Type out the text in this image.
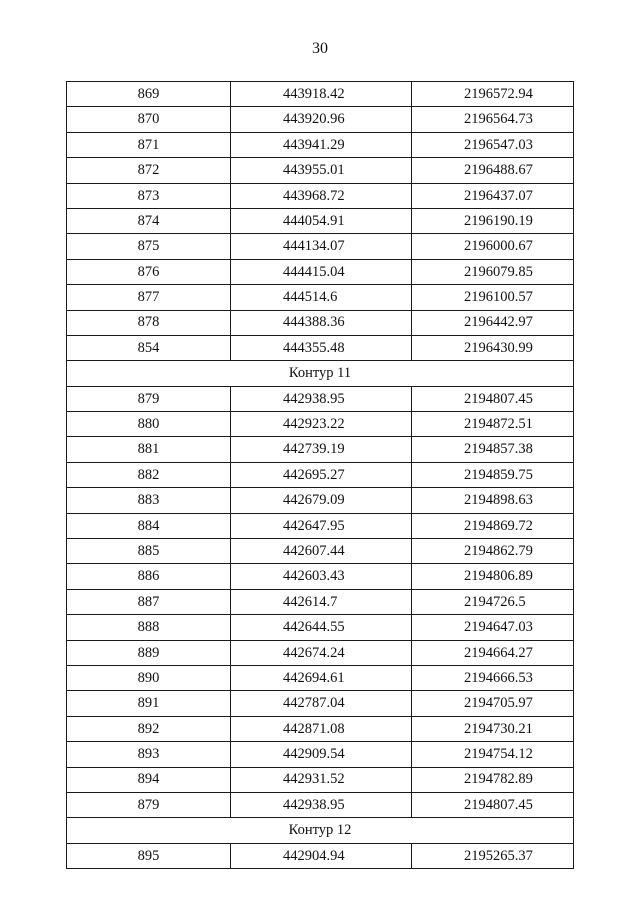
30
869	443918.42	2196572.94
870	443920.96	2196564.73
871	443941.29	2196547.03
872	443955.01	2196488.67
873	443968.72	2196437.07
874	444054.91	2196190.19
875	444134.07	2196000.67
876	444415.04	2196079.85
877	444514.6	2196100.57
878	444388.36	2196442.97
854	444355.48	2196430.99
Контур 11		
879	442938.95	2194807.45
880	442923.22	2194872.51
881	442739.19	2194857.38
882	442695.27	2194859.75
883	442679.09	2194898.63
884	442647.95	2194869.72
885	442607.44	2194862.79
886	442603.43	2194806.89
887	442614.7	2194726.5
888	442644.55	2194647.03
889	442674.24	2194664.27
890	442694.61	2194666.53
891	442787.04	2194705.97
892	442871.08	2194730.21
893	442909.54	2194754.12
894	442931.52	2194782.89
879	442938.95	2194807.45
Контур 12		
895	442904.94	2195265.37
